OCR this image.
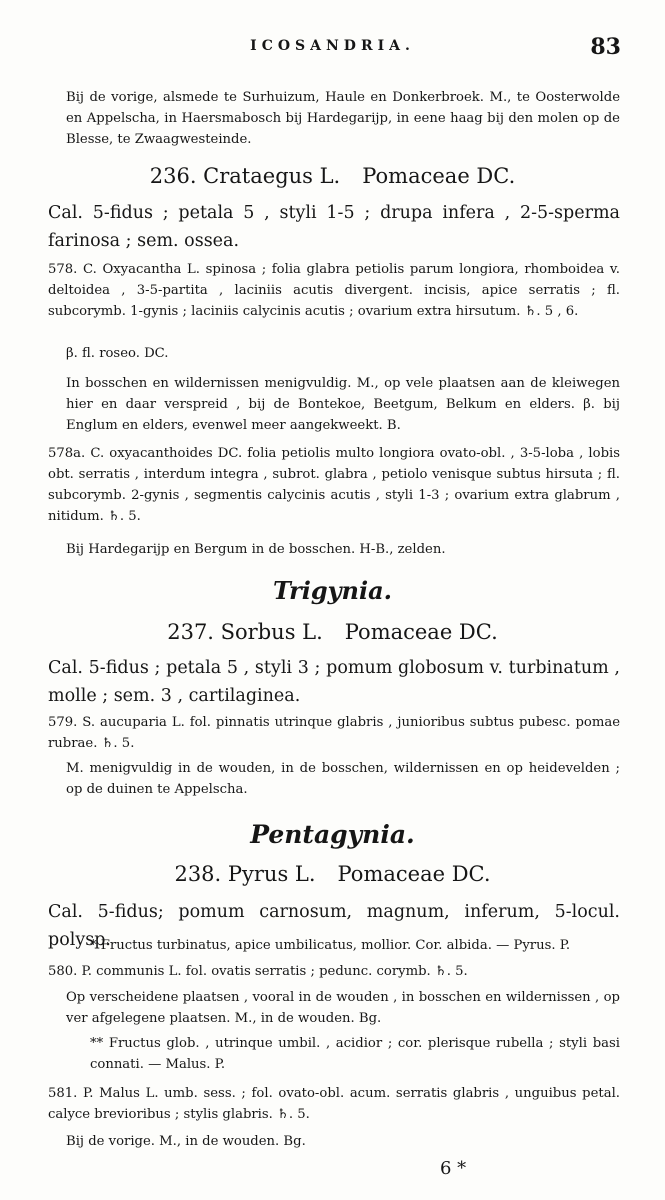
ICOSANDRIA.	83
Bij de vorige, alsmede te Surhuizum, Haule en Donkerbroek. M., te Oosterwolde en Appelscha, in Haersmabosch bij Hardegarijp, in eene haag bij den molen op de Blesse, te Zwaagwesteinde.
236. Crataegus L. Pomaceae DC.
Cal. 5-fidus ; petala 5 , styli 1-5 ; drupa infera , 2-5-sperma farinosa ; sem. ossea.
578. C. Oxyacantha L. spinosa ; folia glabra petiolis parum longiora, rhomboidea v. deltoidea , 3-5-partita , laciniis acutis divergent. incisis, apice serratis ; fl. subcorymb. 1-gynis ; laciniis calycinis acutis ; ovarium extra hirsutum. ♄. 5 , 6.
β. fl. roseo. DC.
In bosschen en wildernissen menigvuldig. M., op vele plaatsen aan de kleiwegen hier en daar verspreid , bij de Bontekoe, Beetgum, Belkum en elders. β. bij Englum en elders, evenwel meer aangekweekt. B.
578a. C. oxyacanthoides DC. folia petiolis multo longiora ovato-obl. , 3-5-loba , lobis obt. serratis , interdum integra , subrot. glabra , petiolo venisque subtus hirsuta ; fl. subcorymb. 2-gynis , segmentis calycinis acutis , styli 1-3 ; ovarium extra glabrum , nitidum. ♄. 5.
Bij Hardegarijp en Bergum in de bosschen. H-B., zelden.
Trigynia.
237. Sorbus L. Pomaceae DC.
Cal. 5-fidus ; petala 5 , styli 3 ; pomum globosum v. turbinatum , molle ; sem. 3 , cartilaginea.
579. S. aucuparia L. fol. pinnatis utrinque glabris , junioribus subtus pubesc. pomae rubrae. ♄. 5.
M. menigvuldig in de wouden, in de bosschen, wildernissen en op heidevelden ; op de duinen te Appelscha.
Pentagynia.
238. Pyrus L. Pomaceae DC.
Cal. 5-fidus; pomum carnosum, magnum, inferum, 5-locul. polysp.
* Fructus turbinatus, apice umbilicatus, mollior. Cor. albida. — Pyrus. P.
580. P. communis L. fol. ovatis serratis ; pedunc. corymb. ♄. 5.
Op verscheidene plaatsen , vooral in de wouden , in bosschen en wildernissen , op ver afgelegene plaatsen. M., in de wouden. Bg.
** Fructus glob. , utrinque umbil. , acidior ; cor. plerisque rubella ; styli basi connati. — Malus. P.
581. P. Malus L. umb. sess. ; fol. ovato-obl. acum. serratis glabris , unguibus petal. calyce brevioribus ; stylis glabris. ♄. 5.
Bij de vorige. M., in de wouden. Bg.
6 *
